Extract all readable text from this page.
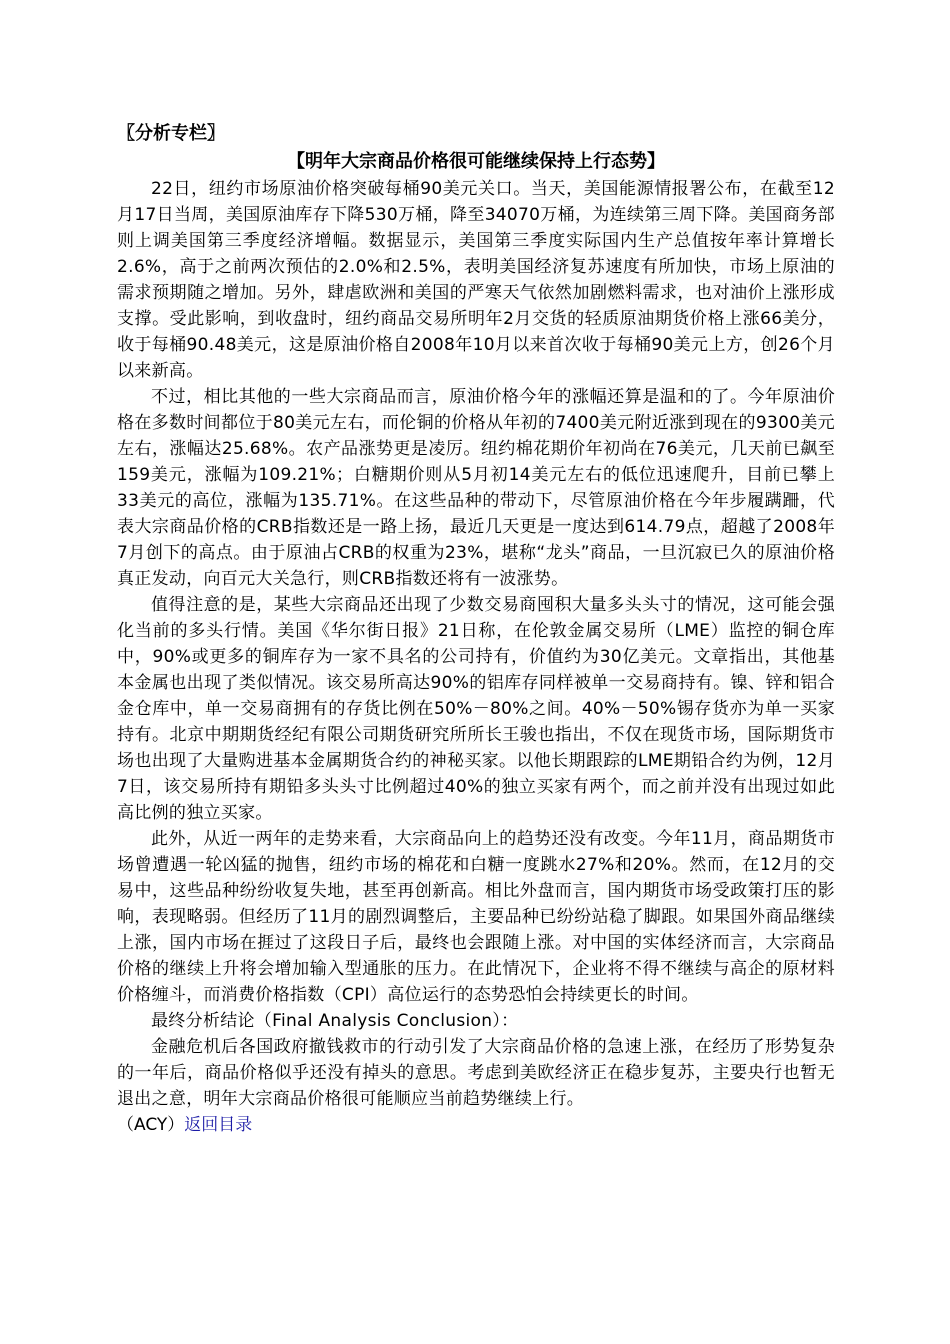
〖分析专栏〗

【明年大宗商品价格很可能继续保持上行态势】

22日，纽约市场原油价格突破每桶90美元关口。当天，美国能源情报署公布，在截至12月17日当周，美国原油库存下降530万桶，降至34070万桶，为连续第三周下降。美国商务部则上调美国第三季度经济增幅。数据显示，美国第三季度实际国内生产总值按年率计算增长2.6%，高于之前两次预估的2.0%和2.5%，表明美国经济复苏速度有所加快，市场上原油的需求预期随之增加。另外，肆虐欧洲和美国的严寒天气依然加剧燃料需求，也对油价上涨形成支撑。受此影响，到收盘时，纽约商品交易所明年2月交货的轻质原油期货价格上涨66美分，收于每桶90.48美元，这是原油价格自2008年10月以来首次收于每桶90美元上方，创26个月以来新高。

不过，相比其他的一些大宗商品而言，原油价格今年的涨幅还算是温和的了。今年原油价格在多数时间都位于80美元左右，而伦铜的价格从年初的7400美元附近涨到现在的9300美元左右，涨幅达25.68%。农产品涨势更是凌厉。纽约棉花期价年初尚在76美元，几天前已飙至159美元，涨幅为109.21%；白糖期价则从5月初14美元左右的低位迅速爬升，目前已攀上33美元的高位，涨幅为135.71%。在这些品种的带动下，尽管原油价格在今年步履蹒跚，代表大宗商品价格的CRB指数还是一路上扬，最近几天更是一度达到614.79点，超越了2008年7月创下的高点。由于原油占CRB的权重为23%，堪称“龙头”商品，一旦沉寂已久的原油价格真正发动，向百元大关急行，则CRB指数还将有一波涨势。

值得注意的是，某些大宗商品还出现了少数交易商囤积大量多头头寸的情况，这可能会强化当前的多头行情。美国《华尔街日报》21日称，在伦敦金属交易所（LME）监控的铜仓库中，90%或更多的铜库存为一家不具名的公司持有，价值约为30亿美元。文章指出，其他基本金属也出现了类似情况。该交易所高达90%的铝库存同样被单一交易商持有。镍、锌和铝合金仓库中，单一交易商拥有的存货比例在50%－80%之间。40%－50%锡存货亦为单一买家持有。北京中期期货经纪有限公司期货研究所所长王骏也指出，不仅在现货市场，国际期货市场也出现了大量购进基本金属期货合约的神秘买家。以他长期跟踪的LME期铅合约为例，12月7日，该交易所持有期铅多头头寸比例超过40%的独立买家有两个，而之前并没有出现过如此高比例的独立买家。

此外，从近一两年的走势来看，大宗商品向上的趋势还没有改变。今年11月，商品期货市场曾遭遇一轮凶猛的抛售，纽约市场的棉花和白糖一度跳水27%和20%。然而，在12月的交易中，这些品种纷纷收复失地，甚至再创新高。相比外盘而言，国内期货市场受政策打压的影响，表现略弱。但经历了11月的剧烈调整后，主要品种已纷纷站稳了脚跟。如果国外商品继续上涨，国内市场在捱过了这段日子后，最终也会跟随上涨。对中国的实体经济而言，大宗商品价格的继续上升将会增加输入型通胀的压力。在此情况下，企业将不得不继续与高企的原材料价格缠斗，而消费价格指数（CPI）高位运行的态势恐怕会持续更长的时间。

最终分析结论（Final Analysis Conclusion）：

金融危机后各国政府撤钱救市的行动引发了大宗商品价格的急速上涨，在经历了形势复杂的一年后，商品价格似乎还没有掉头的意思。考虑到美欧经济正在稳步复苏，主要央行也暂无退出之意，明年大宗商品价格很可能顺应当前趋势继续上行。

（ACY）返回目录
